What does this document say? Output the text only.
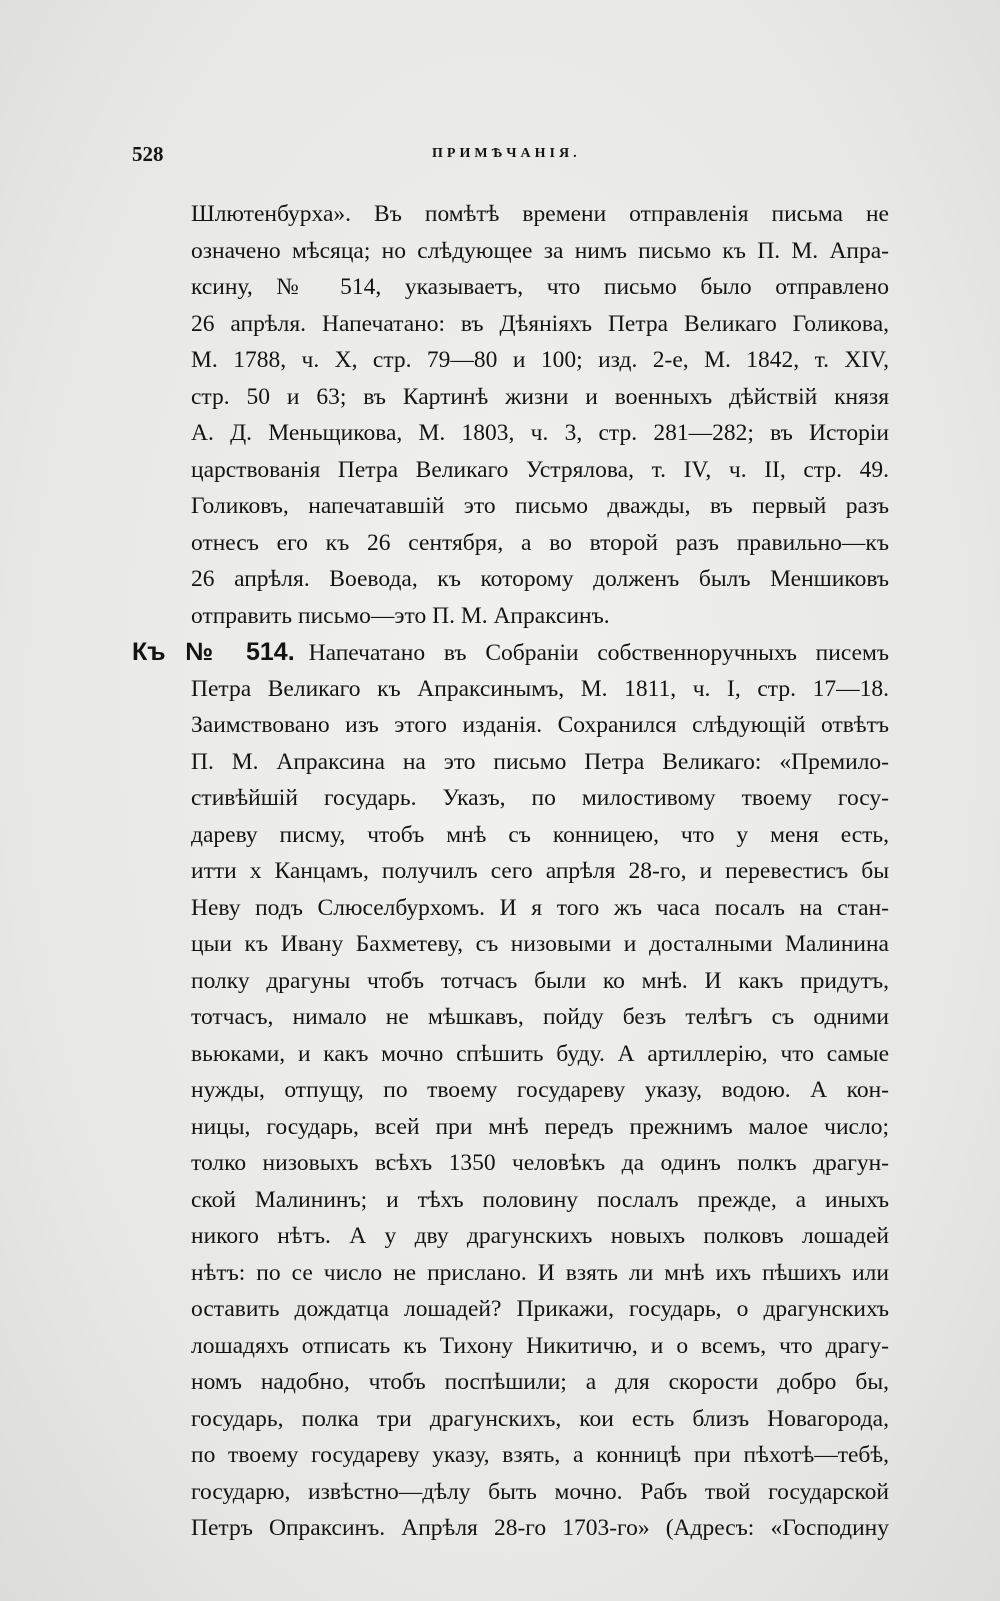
528	ПРИМѢЧАНІЯ.
Шлютенбурха». Въ помѣтѣ времени отправленія письма не
означено мѣсяца; но слѣдующее за нимъ письмо къ П. М. Апра-
ксину, № 514, указываетъ, что письмо было отправлено
26 апрѣля. Напечатано: въ Дѣяніяхъ Петра Великаго Голикова,
М. 1788, ч. X, стр. 79—80 и 100; изд. 2-е, М. 1842, т. XIV,
стр. 50 и 63; въ Картинѣ жизни и военныхъ дѣйствій князя
А. Д. Меньщикова, М. 1803, ч. 3, стр. 281—282; въ Исторіи
царствованія Петра Великаго Устрялова, т. IV, ч. II, стр. 49.
Голиковъ, напечатавшій это письмо дважды, въ первый разъ
отнесъ его къ 26 сентября, а во второй разъ правильно—къ
26 апрѣля. Воевода, къ которому долженъ былъ Меншиковъ
отправить письмо—это П. М. Апраксинъ.
Къ № 514. Напечатано въ Собраніи собственноручныхъ писемъ
Петра Великаго къ Апраксинымъ, М. 1811, ч. I, стр. 17—18.
Заимствовано изъ этого изданія. Сохранился слѣдующій отвѣтъ
П. М. Апраксина на это письмо Петра Великаго: «Премило-
стивѣйшій государь. Указъ, по милостивому твоему госу-
дареву писму, чтобъ мнѣ съ конницею, что у меня есть,
итти х Канцамъ, получилъ сего апрѣля 28-го, и перевестисъ бы
Неву подъ Слюселбурхомъ. И я того жъ часа посалъ на стан-
цыи къ Ивану Бахметеву, съ низовыми и досталными Малинина
полку драгуны чтобъ тотчасъ были ко мнѣ. И какъ придутъ,
тотчасъ, нимало не мѣшкавъ, пойду безъ телѣгъ съ одними
вьюками, и какъ мочно спѣшить буду. А артиллерію, что самые
нужды, отпущу, по твоему государеву указу, водою. А кон-
ницы, государь, всей при мнѣ передъ прежнимъ малое число;
толко низовыхъ всѣхъ 1350 человѣкъ да одинъ полкъ драгун-
ской Малининъ; и тѣхъ половину послалъ прежде, а иныхъ
никого нѣтъ. А у дву драгунскихъ новыхъ полковъ лошадей
нѣтъ: по се число не прислано. И взять ли мнѣ ихъ пѣшихъ или
оставить дождатца лошадей? Прикажи, государь, о драгунскихъ
лошадяхъ отписать къ Тихону Никитичю, и о всемъ, что драгу-
номъ надобно, чтобъ поспѣшили; а для скорости добро бы,
государь, полка три драгунскихъ, кои есть близъ Новагорода,
по твоему государеву указу, взять, а конницѣ при пѣхотѣ—тебѣ,
государю, извѣстно—дѣлу быть мочно. Рабъ твой государской
Петръ Опраксинъ. Апрѣля 28-го 1703-го» (Адресъ: «Господину
